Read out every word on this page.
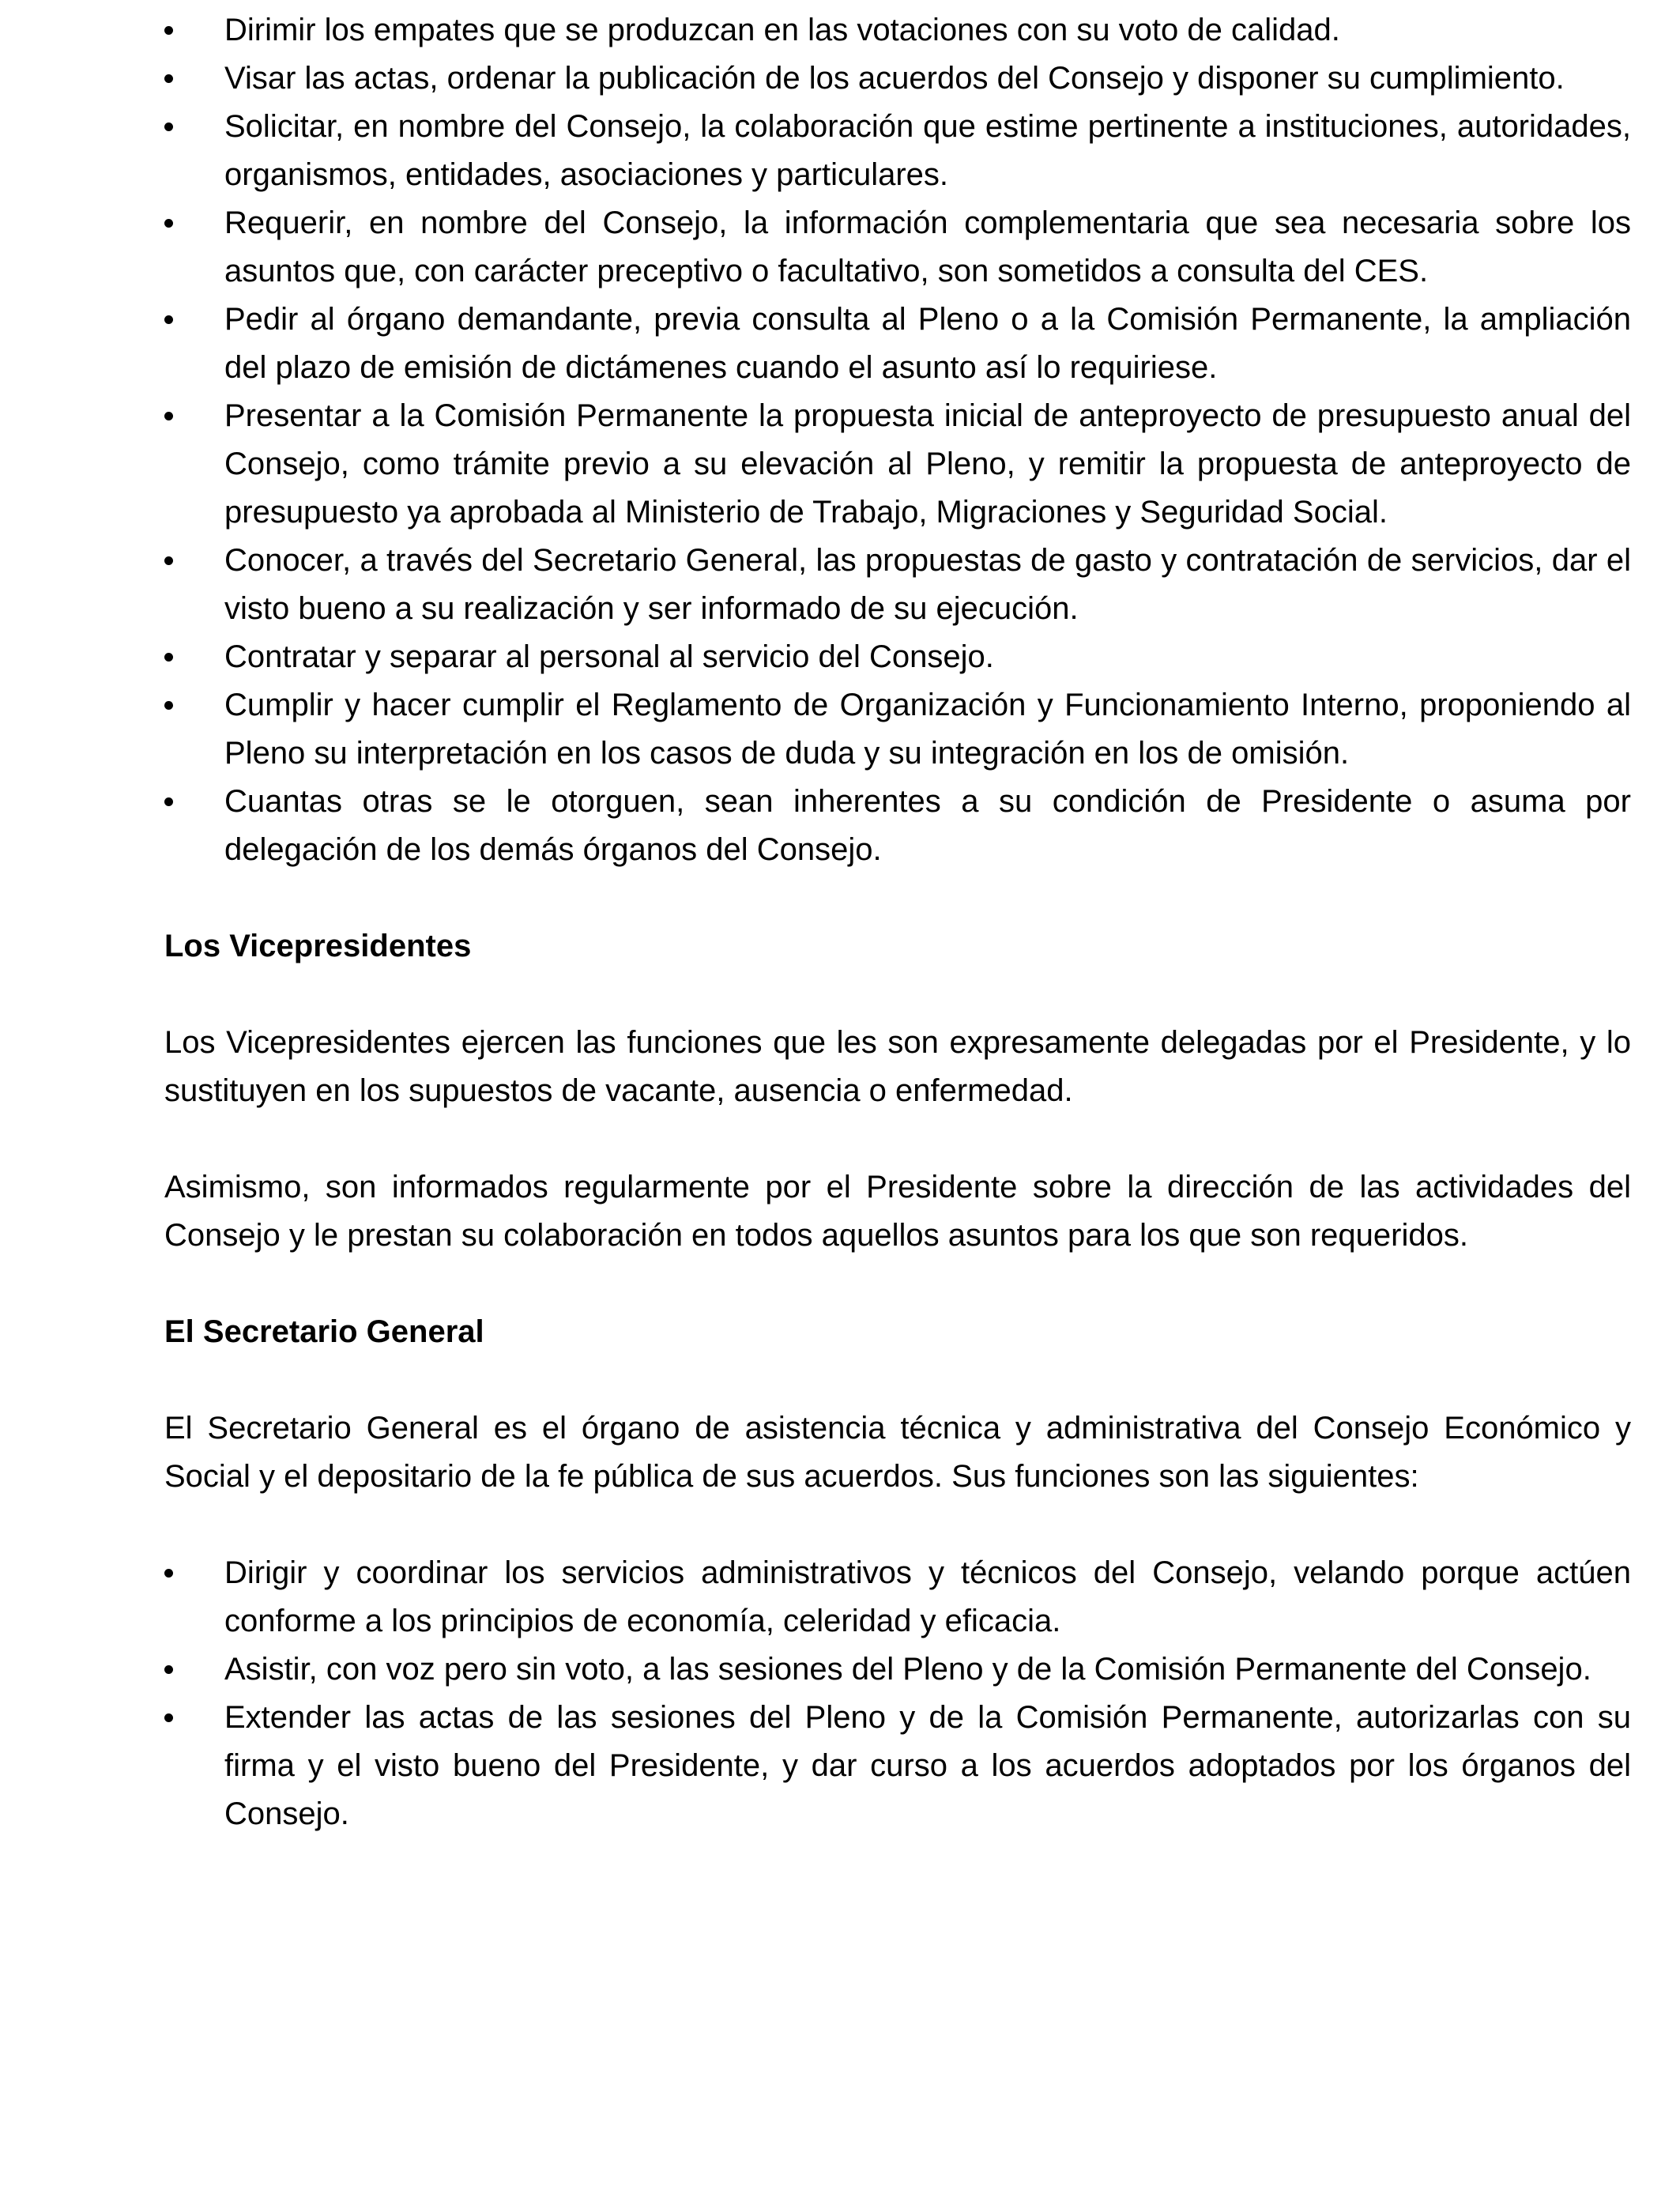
Dirimir los empates que se produzcan en las votaciones con su voto de calidad.
Visar las actas, ordenar la publicación de los acuerdos del Consejo y disponer su cumplimiento.
Solicitar, en nombre del Consejo, la colaboración que estime pertinente a instituciones, autoridades, organismos, entidades, asociaciones y particulares.
Requerir, en nombre del Consejo, la información complementaria que sea necesaria sobre los asuntos que, con carácter preceptivo o facultativo, son sometidos a consulta del CES.
Pedir al órgano demandante, previa consulta al Pleno o a la Comisión Permanente, la ampliación del plazo de emisión de dictámenes cuando el asunto así lo requiriese.
Presentar a la Comisión Permanente la propuesta inicial de anteproyecto de presupuesto anual del Consejo, como trámite previo a su elevación al Pleno, y remitir la propuesta de anteproyecto de presupuesto ya aprobada al Ministerio de Trabajo, Migraciones y Seguridad Social.
Conocer, a través del Secretario General, las propuestas de gasto y contratación de servicios, dar el visto bueno a su realización y ser informado de su ejecución.
Contratar y separar al personal al servicio del Consejo.
Cumplir y hacer cumplir el Reglamento de Organización y Funcionamiento Interno, proponiendo al Pleno su interpretación en los casos de duda y su integración en los de omisión.
Cuantas otras se le otorguen, sean inherentes a su condición de Presidente o asuma por delegación de los demás órganos del Consejo.
Los Vicepresidentes

Los Vicepresidentes ejercen las funciones que les son expresamente delegadas por el Presidente, y lo sustituyen en los supuestos de vacante, ausencia o enfermedad.

Asimismo, son informados regularmente por el Presidente sobre la dirección de las actividades del Consejo y le prestan su colaboración en todos aquellos asuntos para los que son requeridos.

El Secretario General

El Secretario General es el órgano de asistencia técnica y administrativa del Consejo Económico y Social y el depositario de la fe pública de sus acuerdos. Sus funciones son las siguientes:

Dirigir y coordinar los servicios administrativos y técnicos del Consejo, velando porque actúen conforme a los principios de economía, celeridad y eficacia.
Asistir, con voz pero sin voto, a las sesiones del Pleno y de la Comisión Permanente del Consejo.
Extender las actas de las sesiones del Pleno y de la Comisión Permanente, autorizarlas con su firma y el visto bueno del Presidente, y dar curso a los acuerdos adoptados por los órganos del Consejo.
